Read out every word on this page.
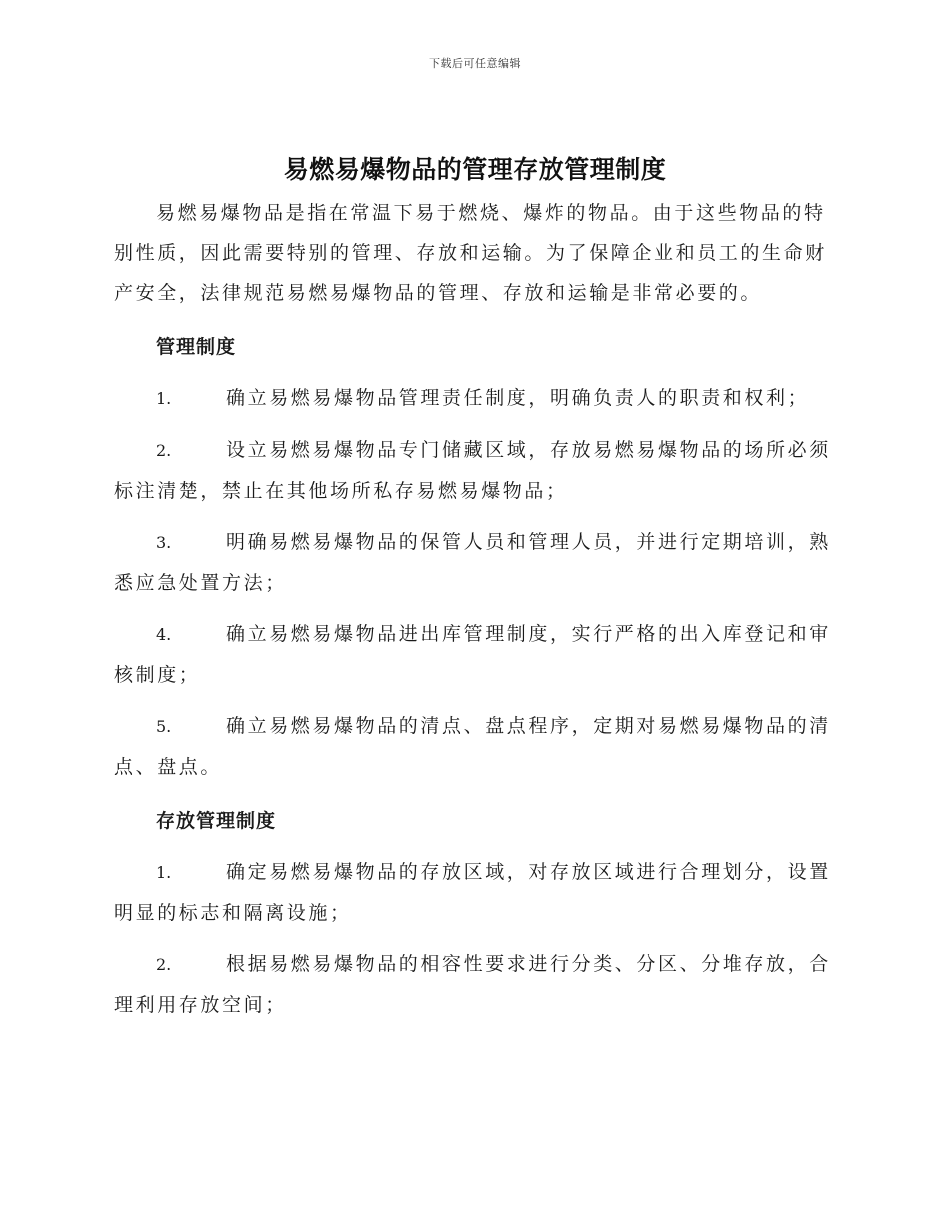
下载后可任意编辑
易燃易爆物品的管理存放管理制度

易燃易爆物品是指在常温下易于燃烧、爆炸的物品。由于这些物品的特别性质，因此需要特别的管理、存放和运输。为了保障企业和员工的生命财产安全，法律规范易燃易爆物品的管理、存放和运输是非常必要的。

管理制度

1.	确立易燃易爆物品管理责任制度，明确负责人的职责和权利；

2.	设立易燃易爆物品专门储藏区域，存放易燃易爆物品的场所必须标注清楚，禁止在其他场所私存易燃易爆物品；

3.	明确易燃易爆物品的保管人员和管理人员，并进行定期培训，熟悉应急处置方法；

4.	确立易燃易爆物品进出库管理制度，实行严格的出入库登记和审核制度；

5.	确立易燃易爆物品的清点、盘点程序，定期对易燃易爆物品的清点、盘点。

存放管理制度

1.	确定易燃易爆物品的存放区域，对存放区域进行合理划分，设置明显的标志和隔离设施；

2.	根据易燃易爆物品的相容性要求进行分类、分区、分堆存放，合理利用存放空间；
